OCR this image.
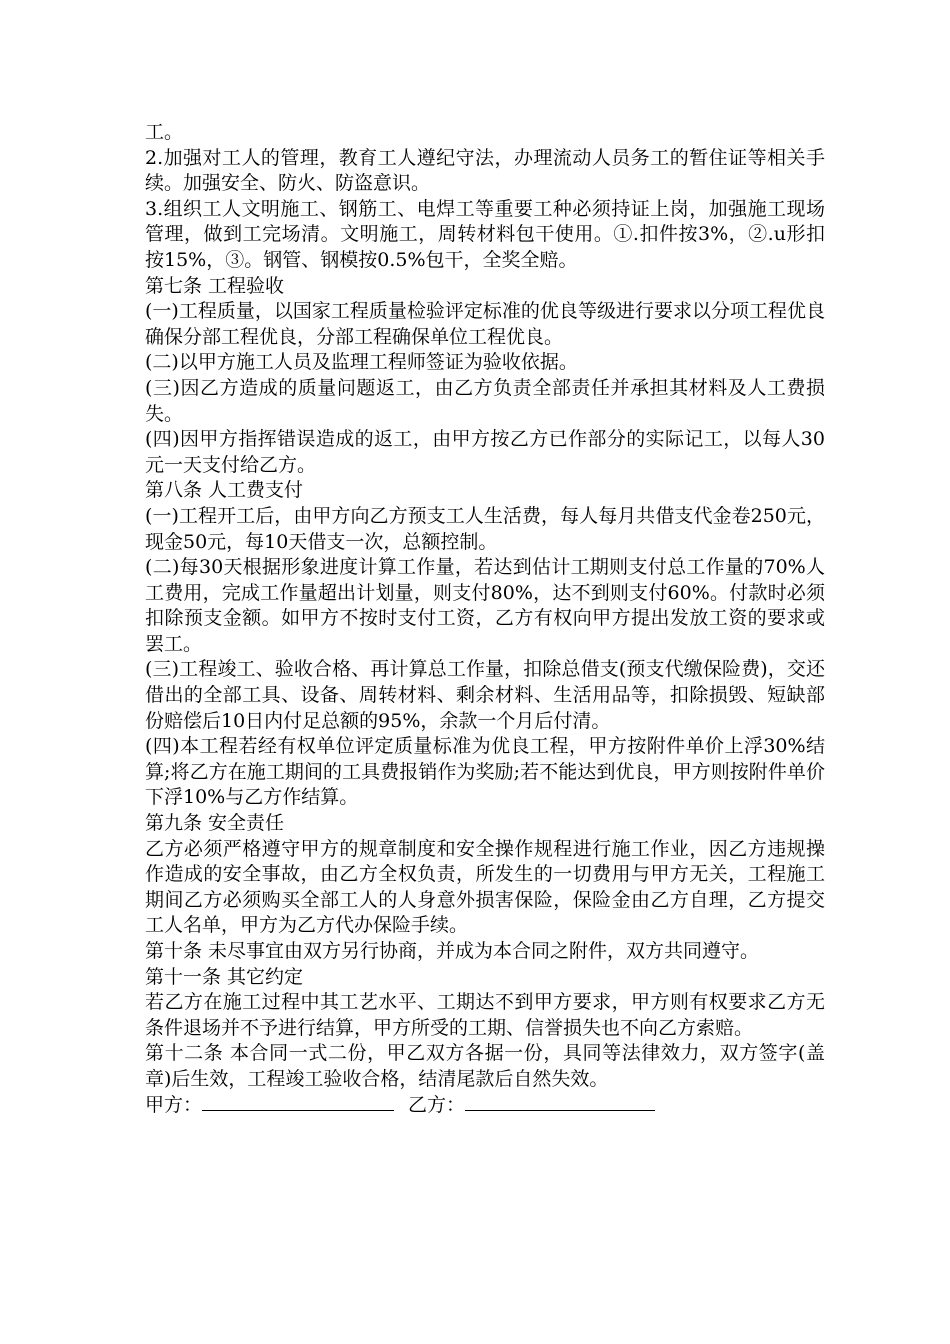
工。

2.加强对工人的管理，教育工人遵纪守法，办理流动人员务工的暂住证等相关手续。加强安全、防火、防盗意识。

3.组织工人文明施工、钢筋工、电焊工等重要工种必须持证上岗，加强施工现场管理，做到工完场清。文明施工，周转材料包干使用。①.扣件按3%，②.u形扣按15%，③。钢管、钢模按0.5%包干，全奖全赔。

第七条 工程验收

(一)工程质量，以国家工程质量检验评定标准的优良等级进行要求以分项工程优良确保分部工程优良，分部工程确保单位工程优良。

(二)以甲方施工人员及监理工程师签证为验收依据。

(三)因乙方造成的质量问题返工，由乙方负责全部责任并承担其材料及人工费损失。

(四)因甲方指挥错误造成的返工，由甲方按乙方已作部分的实际记工，以每人30元一天支付给乙方。

第八条 人工费支付

(一)工程开工后，由甲方向乙方预支工人生活费，每人每月共借支代金卷250元，现金50元，每10天借支一次，总额控制。

(二)每30天根据形象进度计算工作量，若达到估计工期则支付总工作量的70%人工费用，完成工作量超出计划量，则支付80%，达不到则支付60%。付款时必须扣除预支金额。如甲方不按时支付工资，乙方有权向甲方提出发放工资的要求或罢工。

(三)工程竣工、验收合格、再计算总工作量，扣除总借支(预支代缴保险费)，交还借出的全部工具、设备、周转材料、剩余材料、生活用品等，扣除损毁、短缺部份赔偿后10日内付足总额的95%，余款一个月后付清。

(四)本工程若经有权单位评定质量标准为优良工程，甲方按附件单价上浮30%结算;将乙方在施工期间的工具费报销作为奖励;若不能达到优良，甲方则按附件单价下浮10%与乙方作结算。

第九条 安全责任

乙方必须严格遵守甲方的规章制度和安全操作规程进行施工作业，因乙方违规操作造成的安全事故，由乙方全权负责，所发生的一切费用与甲方无关，工程施工期间乙方必须购买全部工人的人身意外损害保险，保险金由乙方自理，乙方提交工人名单，甲方为乙方代办保险手续。

第十条 未尽事宜由双方另行协商，并成为本合同之附件，双方共同遵守。

第十一条 其它约定

若乙方在施工过程中其工艺水平、工期达不到甲方要求，甲方则有权要求乙方无条件退场并不予进行结算，甲方所受的工期、信誉损失也不向乙方索赔。

第十二条 本合同一式二份，甲乙双方各据一份，具同等法律效力，双方签字(盖章)后生效，工程竣工验收合格，结清尾款后自然失效。

甲方：	乙方：
